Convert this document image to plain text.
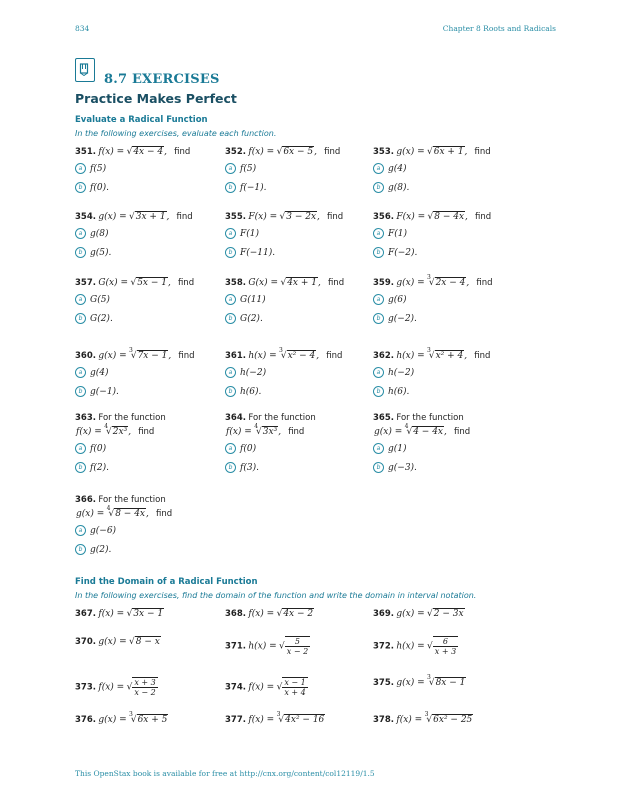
834	Chapter 8 Roots and Radicals
8.7 EXERCISES
Practice Makes Perfect
Evaluate a Radical Function
In the following exercises, evaluate each function.
351. f(x) = √4x − 4, find
a f(5)
b f(0).
352. f(x) = √6x − 5, find
a f(5)
b f(−1).
353. g(x) = √6x + 1, find
a g(4)
b g(8).
354. g(x) = √3x + 1, find
a g(8)
b g(5).
355. F(x) = √3 − 2x, find
a F(1)
b F(−11).
356. F(x) = √8 − 4x, find
a F(1)
b F(−2).
357. G(x) = √5x − 1, find
a G(5)
b G(2).
358. G(x) = √4x + 1, find
a G(11)
b G(2).
359. g(x) = $^3$√2x − 4, find
a g(6)
b g(−2).
360. g(x) = $^3$√7x − 1, find
a g(4)
b g(−1).
361. h(x) = $^3$√x² − 4, find
a h(−2)
b h(6).
362. h(x) = $^3$√x² + 4, find
a h(−2)
b h(6).
363. For the function
f(x) = $^4$√2x³, find
a f(0)
b f(2).
364. For the function
f(x) = $^4$√3x³, find
a f(0)
b f(3).
365. For the function
g(x) = $^4$√4 − 4x, find
a g(1)
b g(−3).
366. For the function
g(x) = $^4$√8 − 4x, find
a g(−6)
b g(2).
Find the Domain of a Radical Function
In the following exercises, find the domain of the function and write the domain in interval notation.
367. f(x) = √3x − 1	368. f(x) = √4x − 2	369. g(x) = √2 − 3x
370. g(x) = √8 − x	371. h(x) = √ $\frac{5}{x - 2}$	372. h(x) = √ $\frac{6}{x + 3}$
373. f(x) = √ $\frac{x + 3}{x - 2}$	374. f(x) = √ $\frac{x - 1}{x + 4}$	375. g(x) = $^3$√8x − 1
376. g(x) = $^3$√6x + 5	377. f(x) = $^3$√4x² − 16	378. f(x) = $^3$√6x² − 25
This OpenStax book is available for free at http://cnx.org/content/col12119/1.5
